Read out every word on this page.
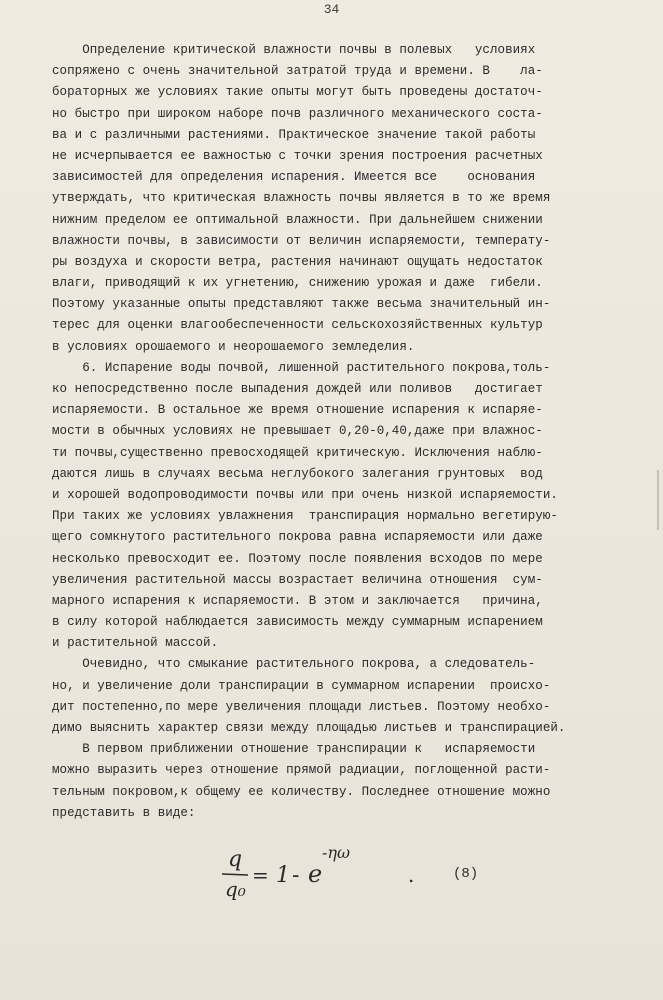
34
Определение критической влажности почвы в полевых   условиях
сопряжено с очень значительной затратой труда и времени. В    ла-
бораторных же условиях такие опыты могут быть проведены достаточ-
но быстро при широком наборе почв различного механического соста-
ва и с различными растениями. Практическое значение такой работы
не исчерпывается ее важностью с точки зрения построения расчетных
зависимостей для определения испарения. Имеется все    основания
утверждать, что критическая влажность почвы является в то же время
нижним пределом ее оптимальной влажности. При дальнейшем снижении
влажности почвы, в зависимости от величин испаряемости, температу-
ры воздуха и скорости ветра, растения начинают ощущать недостаток
влаги, приводящий к их угнетению, снижению урожая и даже  гибели.
Поэтому указанные опыты представляют также весьма значительный ин-
терес для оценки влагообеспеченности сельскохозяйственных культур
в условиях орошаемого и неорошаемого земледелия.
6. Испарение воды почвой, лишенной растительного покрова,толь-
ко непосредственно после выпадения дождей или поливов   достигает
испаряемости. В остальное же время отношение испарения к испаряе-
мости в обычных условиях не превышает 0,20-0,40,даже при влажнос-
ти почвы,существенно превосходящей критическую. Исключения наблю-
даются лишь в случаях весьма неглубокого залегания грунтовых  вод
и хорошей водопроводимости почвы или при очень низкой испаряемости.
При таких же условиях увлажнения  транспирация нормально вегетирую-
щего сомкнутого растительного покрова равна испаряемости или даже
несколько превосходит ее. Поэтому после появления всходов по мере
увеличения растительной массы возрастает величина отношения  сум-
марного испарения к испаряемости. В этом и заключается   причина,
в силу которой наблюдается зависимость между суммарным испарением
и растительной массой.
Очевидно, что смыкание растительного покрова, а следователь-
но, и увеличение доли транспирации в суммарном испарении  происхо-
дит постепенно,по мере увеличения площади листьев. Поэтому необхо-
димо выяснить характер связи между площадью листьев и транспирацией.
В первом приближении отношение транспирации к   испаряемости
можно выразить через отношение прямой радиации, поглощенной расти-
тельным покровом,к общему ее количеству. Последнее отношение можно
представить в виде:
q
q₀
= 1 - e
-ηω
.	(8)
